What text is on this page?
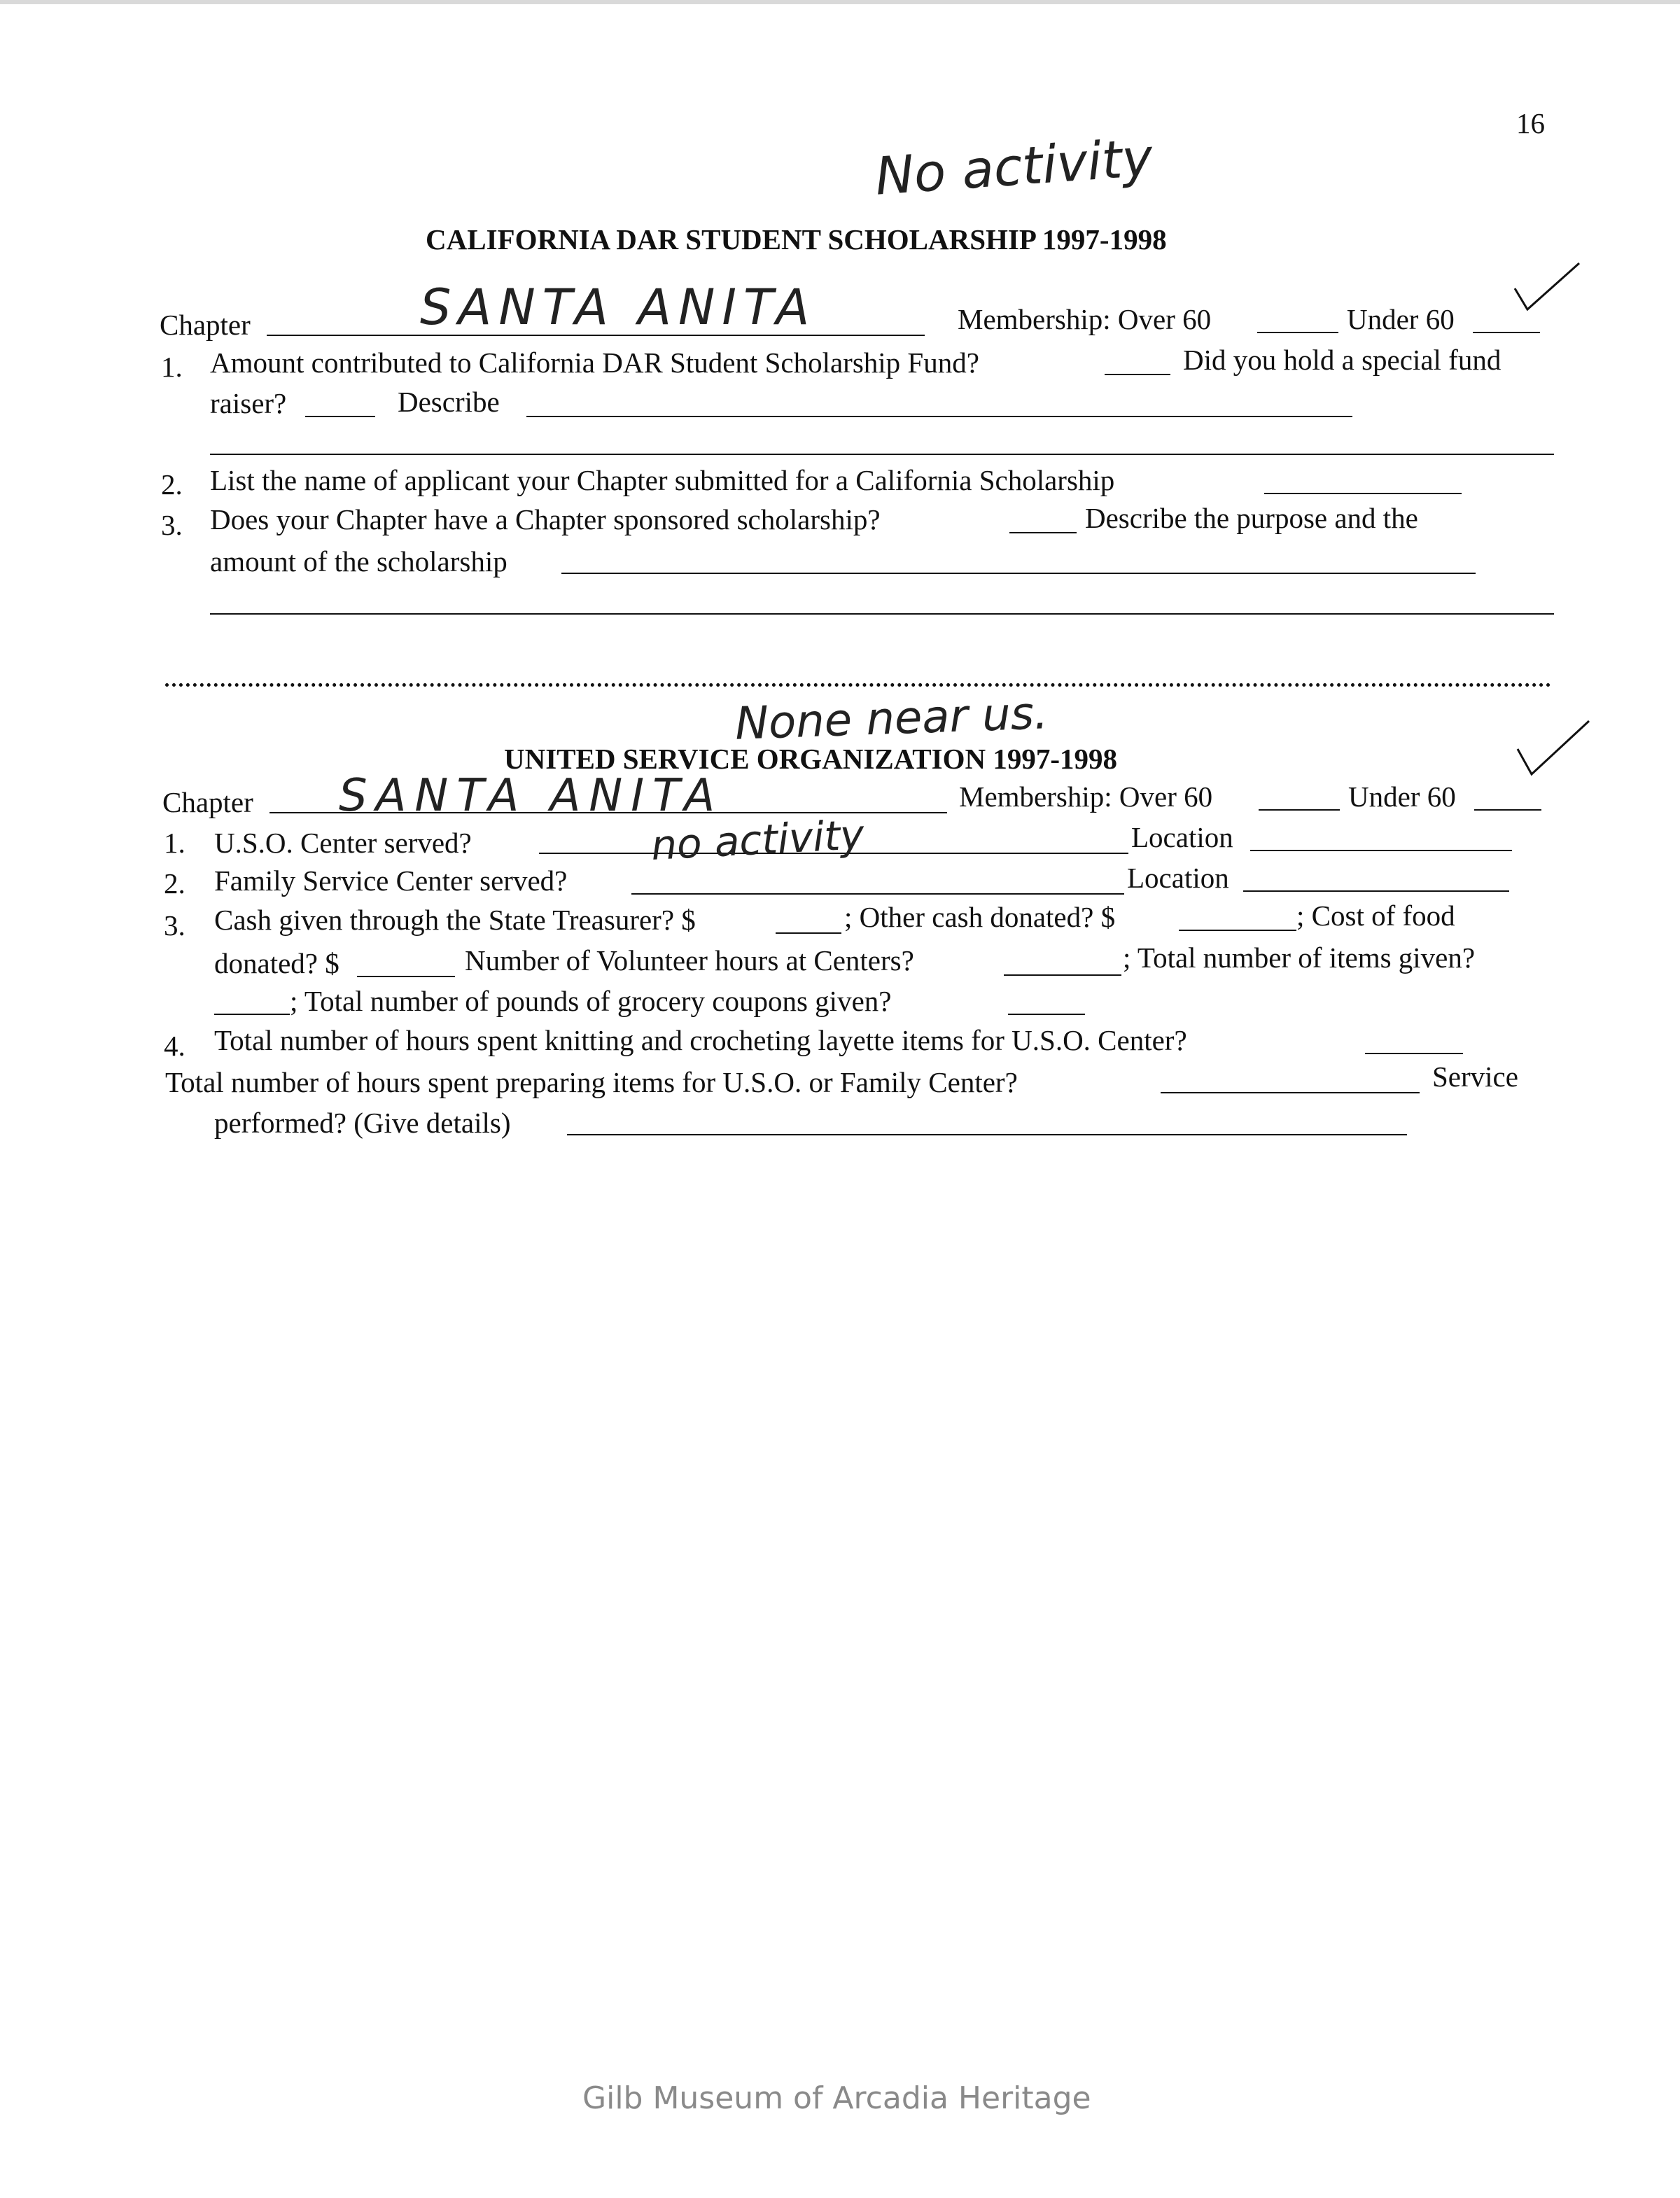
16
No activity
CALIFORNIA DAR STUDENT SCHOLARSHIP 1997-1998
Chapter	SANTA ANITA	Membership: Over 60	Under 60
1. Amount contributed to California DAR Student Scholarship Fund?	Did you hold a special fund
raiser?	Describe
2. List the name of applicant your Chapter submitted for a California Scholarship
3. Does your Chapter have a Chapter sponsored scholarship?	Describe the purpose and the
amount of the scholarship
None near us.
UNITED SERVICE ORGANIZATION 1997-1998
Chapter SANTA ANITA	Membership: Over 60	Under 60
1. U.S.O. Center served?	no activity	Location
2. Family Service Center served?	Location
3. Cash given through the State Treasurer? $	; Other cash donated? $	; Cost of food
donated? $	Number of Volunteer hours at Centers?	; Total number of items given?
; Total number of pounds of grocery coupons given?
4. Total number of hours spent knitting and crocheting layette items for U.S.O. Center?
Total number of hours spent preparing items for U.S.O. or Family Center?	Service
performed? (Give details)
Gilb Museum of Arcadia Heritage
